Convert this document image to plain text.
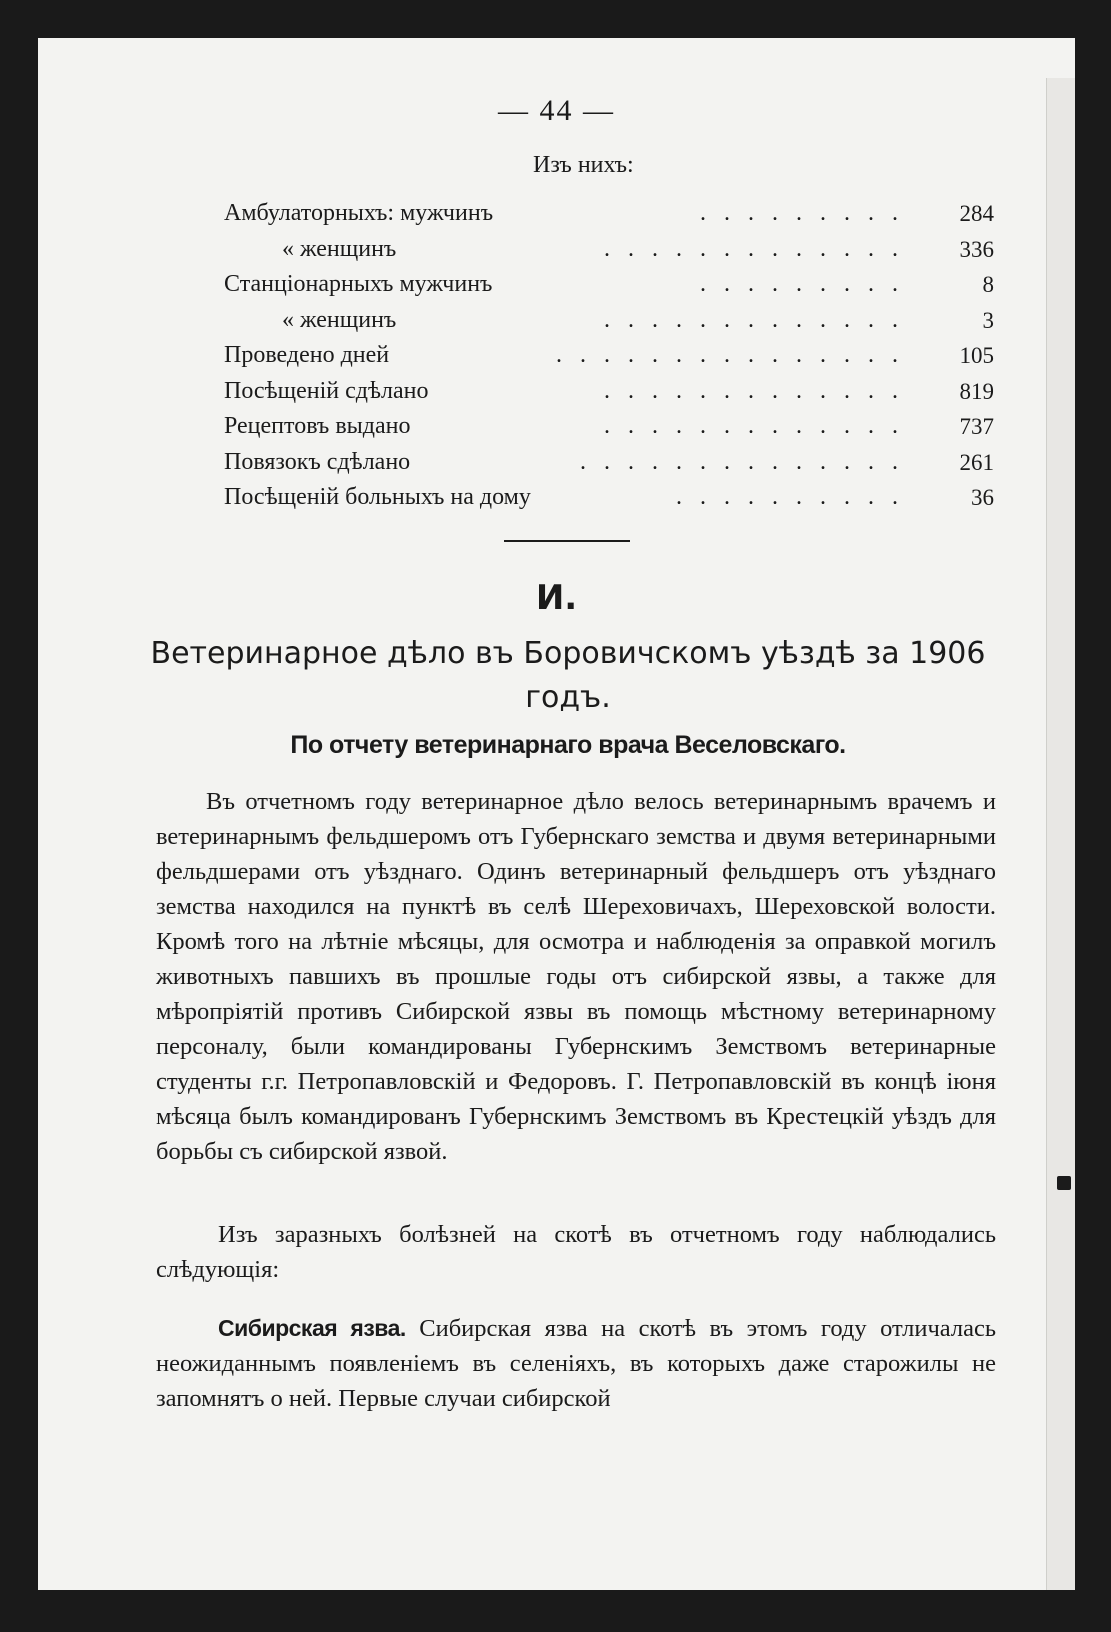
— 44 —
Изъ нихъ:
Амбулаторныхъ: мужчинъ	. . . . . . . . .	284
« женщинъ	. . . . . . . . . . . . .	336
Станціонарныхъ мужчинъ	. . . . . . . . .	8
« женщинъ	. . . . . . . . . . . . .	3
Проведено дней	. . . . . . . . . . . . . . .	105
Посѣщеній сдѣлано	. . . . . . . . . . . . .	819
Рецептовъ выдано	. . . . . . . . . . . . .	737
Повязокъ сдѣлано	. . . . . . . . . . . . . .	261
Посѣщеній больныхъ на дому	. . . . . . . . . .	36
И.
Ветеринарное дѣло въ Боровичскомъ уѣздѣ за 1906 годъ.
По отчету ветеринарнаго врача Веселовскаго.

Въ отчетномъ году ветеринарное дѣло велось ветеринарнымъ врачемъ и ветеринарнымъ фельдшеромъ отъ Губернскаго земства и двумя ветеринарными фельдшерами отъ уѣзднаго. Одинъ ветеринарный фельдшеръ отъ уѣзднаго земства находился на пунктѣ въ селѣ Шереховичахъ, Шереховской волости. Кромѣ того на лѣтніе мѣсяцы, для осмотра и наблюденія за оправкой могилъ животныхъ павшихъ въ прошлые годы отъ сибирской язвы, а также для мѣропріятій противъ Сибирской язвы въ помощь мѣстному ветеринарному персоналу, были командированы Губернскимъ Земствомъ ветеринарные студенты г.г. Петропавловскій и Федоровъ. Г. Петропавловскій въ концѣ іюня мѣсяца былъ командированъ Губернскимъ Земствомъ въ Крестецкій уѣздъ для борьбы съ сибирской язвой.

Изъ заразныхъ болѣзней на скотѣ въ отчетномъ году наблюдались слѣдующія:

Сибирская язва. Сибирская язва на скотѣ въ этомъ году отличалась неожиданнымъ появленіемъ въ селеніяхъ, въ которыхъ даже старожилы не запомнятъ о ней. Первые случаи сибирской
